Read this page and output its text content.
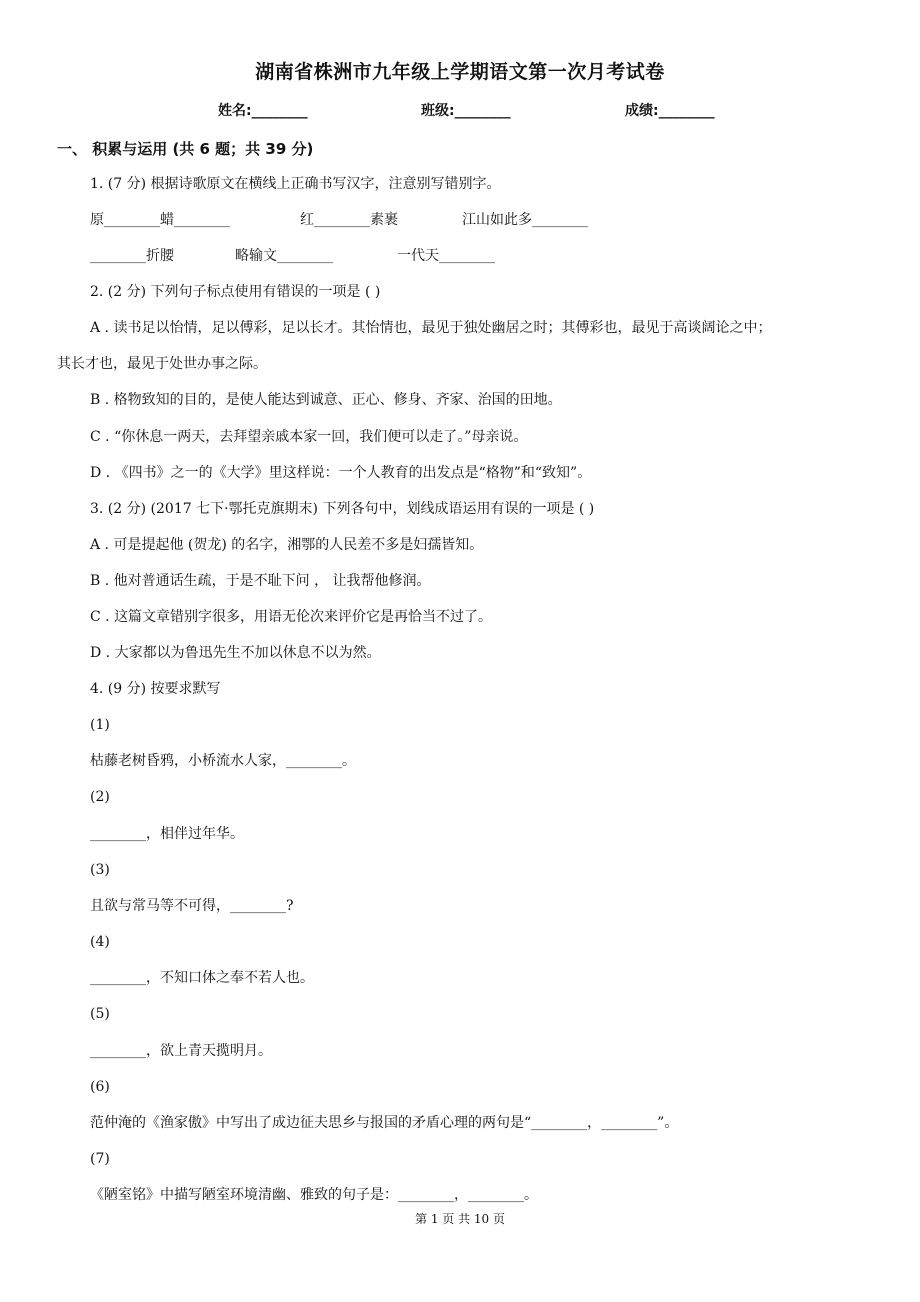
湖南省株洲市九年级上学期语文第一次月考试卷
姓名:________	班级:________	成绩:________
一、 积累与运用 (共 6 题；共 39 分)
1. (7 分) 根据诗歌原文在横线上正确书写汉字，注意别写错别字。
原________蜡________	红________素裹	江山如此多________
________折腰	略输文________	一代天________
2. (2 分) 下列句子标点使用有错误的一项是 ( )
A . 读书足以怡情，足以傅彩，足以长才。其怡情也，最见于独处幽居之时；其傅彩也，最见于高谈阔论之中；
其长才也，最见于处世办事之际。
B . 格物致知的目的，是使人能达到诚意、正心、修身、齐家、治国的田地。
C . “你休息一两天，去拜望亲戚本家一回，我们便可以走了。”母亲说。
D . 《四书》之一的《大学》里这样说：一个人教育的出发点是“格物”和“致知”。
3. (2 分) (2017 七下·鄂托克旗期末) 下列各句中，划线成语运用有误的一项是 ( )
A . 可是提起他 (贺龙) 的名字，湘鄂的人民差不多是妇孺皆知。
B . 他对普通话生疏，于是不耻下问 ， 让我帮他修润。
C . 这篇文章错别字很多，用语无伦次来评价它是再恰当不过了。
D . 大家都以为鲁迅先生不加以休息不以为然。
4. (9 分) 按要求默写
(1)
枯藤老树昏鸦，小桥流水人家，________。
(2)
________，相伴过年华。
(3)
且欲与常马等不可得，________?
(4)
________，不知口体之奉不若人也。
(5)
________，欲上青天揽明月。
(6)
范仲淹的《渔家傲》中写出了成边征夫思乡与报国的矛盾心理的两句是“________，________”。
(7)
《陋室铭》中描写陋室环境清幽、雅致的句子是：________，________。
第 1 页 共 10 页
